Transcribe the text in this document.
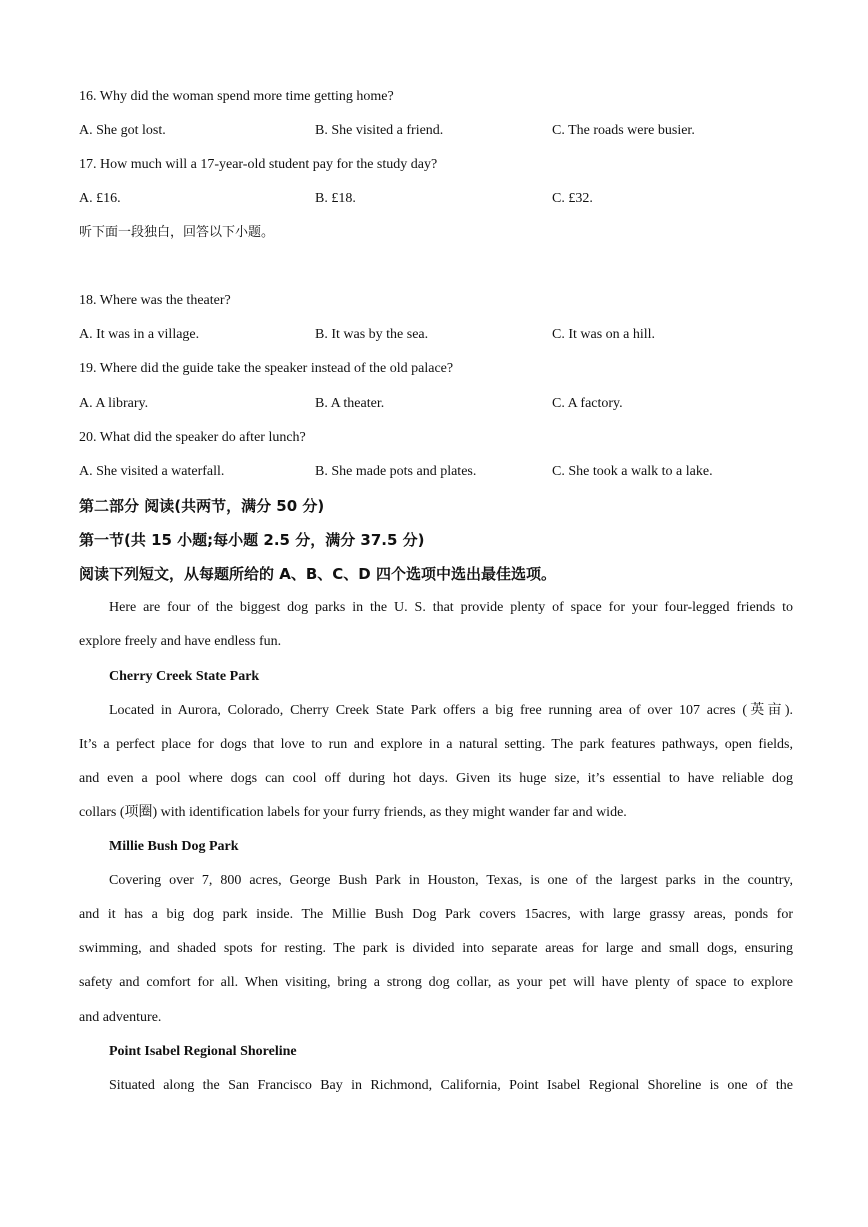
16. Why did the woman spend more time getting home?
A. She got lost.	B. She visited a friend.	C. The roads were busier.
17. How much will a 17-year-old student pay for the study day?
A. £16.	B. £18.	C. £32.
听下面一段独白，回答以下小题。
18. Where was the theater?
A. It was in a village.	B. It was by the sea.	C. It was on a hill.
19. Where did the guide take the speaker instead of the old palace?
A. A library.	B. A theater.	C. A factory.
20. What did the speaker do after lunch?
A. She visited a waterfall.	B. She made pots and plates.	C. She took a walk to a lake.
第二部分 阅读(共两节，满分 50 分)
第一节(共 15 小题;每小题 2.5 分，满分 37.5 分)
阅读下列短文，从每题所给的 A、B、C、D 四个选项中选出最佳选项。
Here are four of the biggest dog parks in the U. S. that provide plenty of space for your four-legged friends to
explore freely and have endless fun.
Cherry Creek State Park
Located in Aurora, Colorado, Cherry Creek State Park offers a big free running area of over 107 acres (英亩).
It’s a perfect place for dogs that love to run and explore in a natural setting. The park features pathways, open fields,
and even a pool where dogs can cool off during hot days. Given its huge size, it’s essential to have reliable dog
collars (项圈) with identification labels for your furry friends, as they might wander far and wide.
Millie Bush Dog Park
Covering over 7, 800 acres, George Bush Park in Houston, Texas, is one of the largest parks in the country,
and it has a big dog park inside. The Millie Bush Dog Park covers 15acres, with large grassy areas, ponds for
swimming, and shaded spots for resting. The park is divided into separate areas for large and small dogs, ensuring
safety and comfort for all. When visiting, bring a strong dog collar, as your pet will have plenty of space to explore
and adventure.
Point Isabel Regional Shoreline
Situated along the San Francisco Bay in Richmond, California, Point Isabel Regional Shoreline is one of the
